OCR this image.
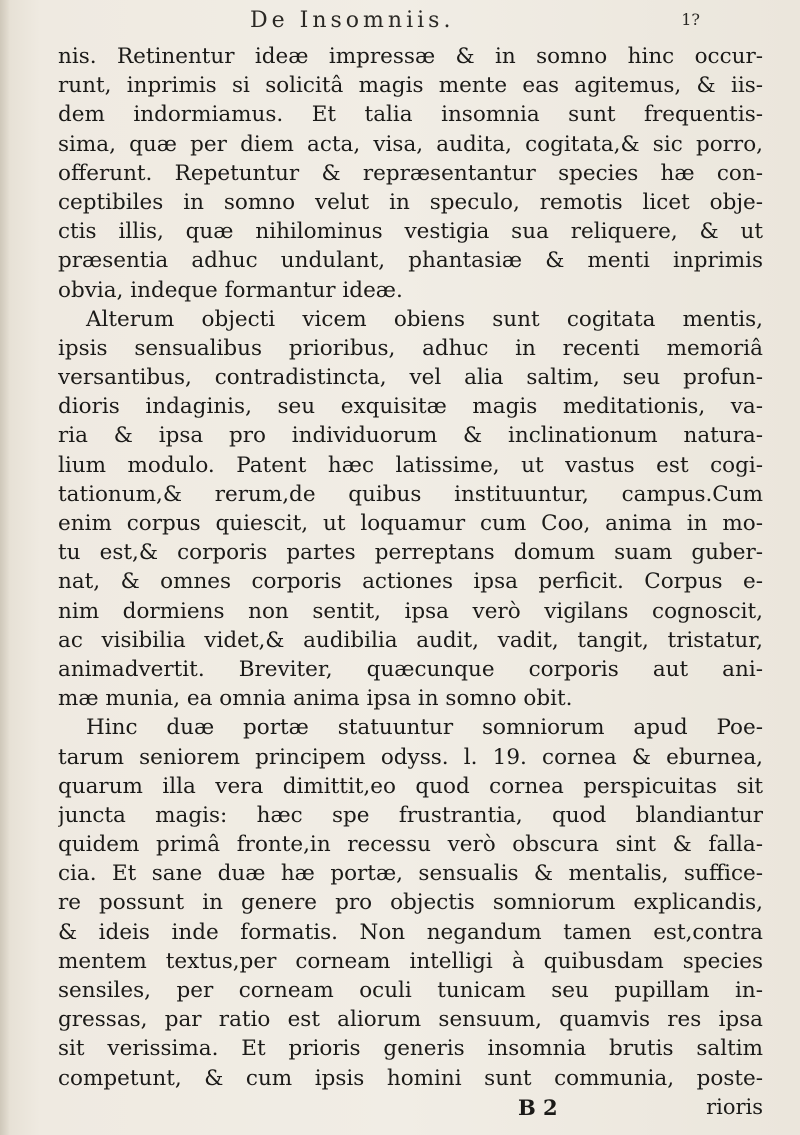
De Insomniis.	1?
nis. Retinentur ideæ impressæ & in somno hinc occur-
runt, inprimis si solicitâ magis mente eas agitemus, & iis-
dem indormiamus. Et talia insomnia sunt frequentis-
sima, quæ per diem acta, visa, audita, cogitata,& sic porro,
offerunt. Repetuntur & repræsentantur species hæ con-
ceptibiles in somno velut in speculo, remotis licet obje-
ctis illis, quæ nihilominus vestigia sua reliquere, & ut
præsentia adhuc undulant, phantasiæ & menti inprimis
obvia, indeque formantur ideæ.
Alterum objecti vicem obiens sunt cogitata mentis,
ipsis sensualibus prioribus, adhuc in recenti memoriâ
versantibus, contradistincta, vel alia saltim, seu profun-
dioris indaginis, seu exquisitæ magis meditationis, va-
ria & ipsa pro individuorum & inclinationum natura-
lium modulo. Patent hæc latissime, ut vastus est cogi-
tationum,& rerum,de quibus instituuntur, campus.Cum
enim corpus quiescit, ut loquamur cum Coo, anima in mo-
tu est,& corporis partes perreptans domum suam guber-
nat, & omnes corporis actiones ipsa perficit. Corpus e-
nim dormiens non sentit, ipsa verò vigilans cognoscit,
ac visibilia videt,& audibilia audit, vadit, tangit, tristatur,
animadvertit. Breviter, quæcunque corporis aut ani-
mæ munia, ea omnia anima ipsa in somno obit.
Hinc duæ portæ statuuntur somniorum apud Poe-
tarum seniorem principem odyss. l. 19. cornea & eburnea,
quarum illa vera dimittit,eo quod cornea perspicuitas sit
juncta magis: hæc spe frustrantia, quod blandiantur
quidem primâ fronte,in recessu verò obscura sint & falla-
cia. Et sane duæ hæ portæ, sensualis & mentalis, suffice-
re possunt in genere pro objectis somniorum explicandis,
& ideis inde formatis. Non negandum tamen est,contra
mentem textus,per corneam intelligi à quibusdam species
sensiles, per corneam oculi tunicam seu pupillam in-
gressas, par ratio est aliorum sensuum, quamvis res ipsa
sit verissima. Et prioris generis insomnia brutis saltim
competunt, & cum ipsis homini sunt communia, poste-
B 2	rioris
